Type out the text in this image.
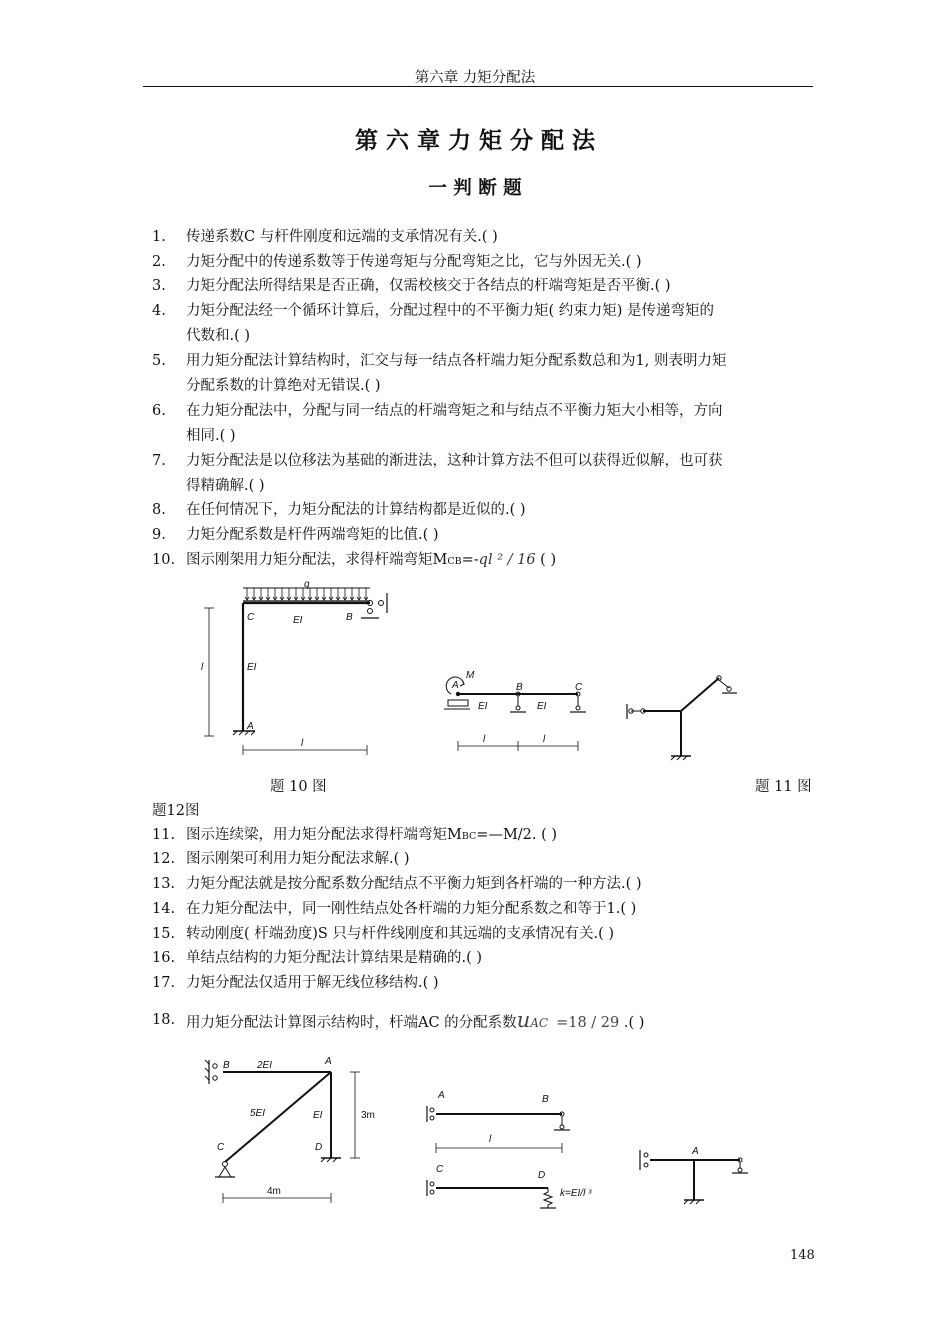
第六章 力矩分配法
第 六 章 力 矩 分 配 法
一 判 断 题
1. 传递系数C 与杆件刚度和远端的支承情况有关.( )
2. 力矩分配中的传递系数等于传递弯矩与分配弯矩之比，它与外因无关.( )
3. 力矩分配法所得结果是否正确，仅需校核交于各结点的杆端弯矩是否平衡.( )
4. 力矩分配法经一个循环计算后，分配过程中的不平衡力矩( 约束力矩) 是传递弯矩的
代数和.( )
5. 用力矩分配法计算结构时，汇交与每一结点各杆端力矩分配系数总和为1, 则表明力矩
分配系数的计算绝对无错误.( )
6. 在力矩分配法中，分配与同一结点的杆端弯矩之和与结点不平衡力矩大小相等，方向
相同.( )
7. 力矩分配法是以位移法为基础的渐进法，这种计算方法不但可以获得近似解，也可获
得精确解.( )
8. 在任何情况下，力矩分配法的计算结构都是近似的.( )
9. 力矩分配系数是杆件两端弯矩的比值.( )
10. 图示刚架用力矩分配法，求得杆端弯矩MCB=-ql ² / 16 ( )
q
C	B
A
EI
EI
l
l
M
A	B	C
EI	EI
l	l
题 10 图	题 11 图
题12图
11. 图示连续梁，用力矩分配法求得杆端弯矩MBC=—M/2. ( )
12. 图示刚架可利用力矩分配法求解.( )
13. 力矩分配法就是按分配系数分配结点不平衡力矩到各杆端的一种方法.( )
14. 在力矩分配法中，同一刚性结点处各杆端的力矩分配系数之和等于1.( )
15. 转动刚度( 杆端劲度)S 只与杆件线刚度和其远端的支承情况有关.( )
16. 单结点结构的力矩分配法计算结果是精确的.( )
17. 力矩分配法仅适用于解无线位移结构.( )
18. 用力矩分配法计算图示结构时，杆端AC 的分配系数uAC =18 / 29 .( )
B	2EI	A
5EI	EI
C	D
3m
4m
A	B
l
C
D
k=EI/l ³
A
148
